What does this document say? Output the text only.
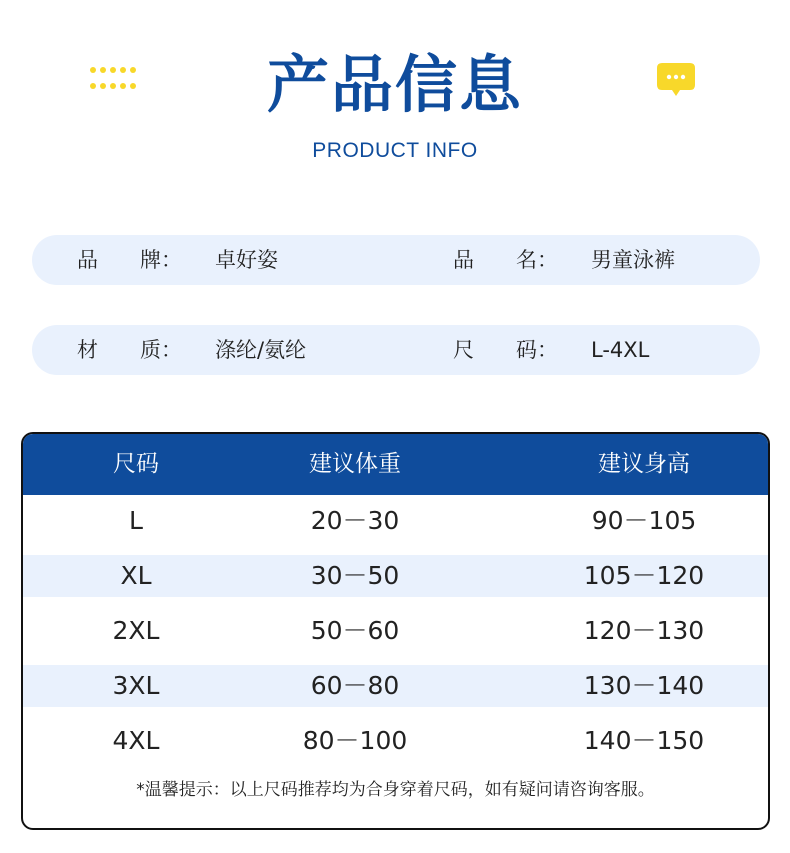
产品信息
PRODUCT INFO
品　　牌： 卓好姿	品　　名： 男童泳裤
材　　质： 涤纶/氨纶	尺　　码： L-4XL
尺码	建议体重	建议身高
L	20－30	90－105
XL	30－50	105－120
2XL	50－60	120－130
3XL	60－80	130－140
4XL	80－100	140－150
*温馨提示：以上尺码推荐均为合身穿着尺码，如有疑问请咨询客服。
